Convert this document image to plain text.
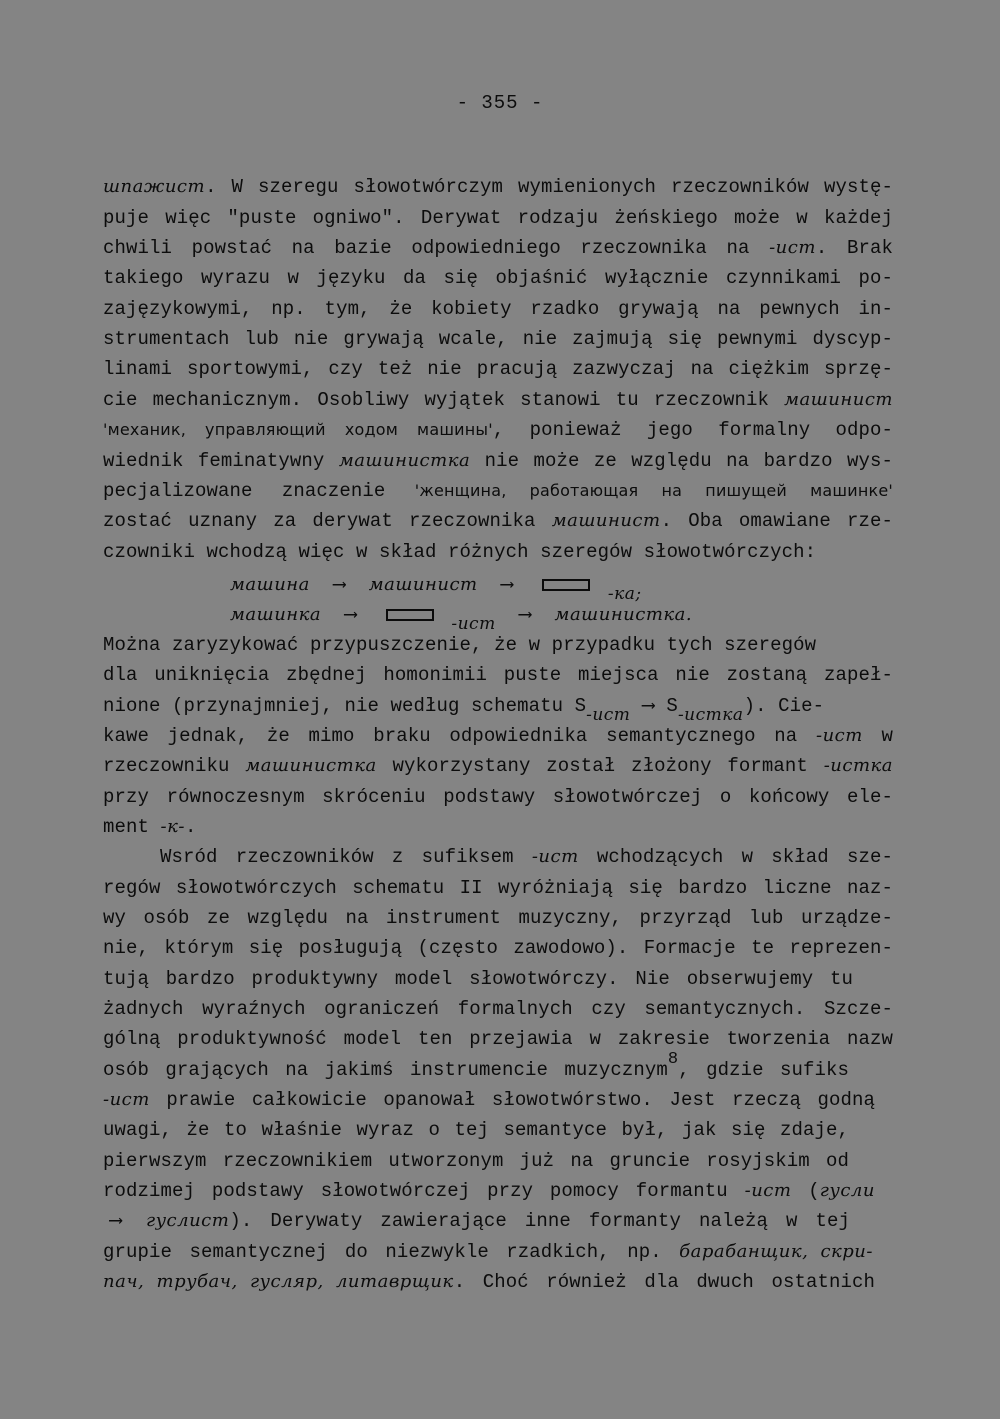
- 355 -
шпажист. W szeregu słowotwórczym wymienionych rzeczowników wystę-
puje więc "puste ogniwo". Derywat rodzaju żeńskiego może w każdej
chwili powstać na bazie odpowiedniego rzeczownika na -ист. Brak
takiego wyrazu w języku da się objaśnić wyłącznie czynnikami po-
zajęzykowymi, np. tym, że kobiety rzadko grywają na pewnych in-
strumentach lub nie grywają wcale, nie zajmują się pewnymi dyscyp-
linami sportowymi, czy też nie pracują zazwyczaj na ciężkim sprzę-
cie mechanicznym. Osobliwy wyjątek stanowi tu rzeczownik машинист
'механик, управляющий ходом машины', ponieważ jego formalny odpo-
wiednik feminatywny машинистка nie może ze względu na bardzo wys-
pecjalizowane znaczenie 'женщина, работающая на пишущей машинке'
zostać uznany za derywat rzeczownika машинист. Oba omawiane rze-
czowniki wchodzą więc w skład różnych szeregów słowotwórczych:
машина ⟶ машинист ⟶	-ка;
машинка ⟶	-ист ⟶ машинистка.
Można zaryzykować przypuszczenie, że w przypadku tych szeregów
dla uniknięcia zbędnej homonimii puste miejsca nie zostaną zapeł-
nione (przynajmniej, nie według schematu S-ист ⟶ S-истка). Cie-
kawe jednak, że mimo braku odpowiednika semantycznego na -ист w
rzeczowniku машинистка wykorzystany został złożony formant -истка
przy równoczesnym skróceniu podstawy słowotwórczej o końcowy ele-
ment -к-.
Wsród rzeczowników z sufiksem -ист wchodzących w skład sze-
regów słowotwórczych schematu II wyróżniają się bardzo liczne naz-
wy osób ze względu na instrument muzyczny, przyrząd lub urządze-
nie, którym się posługują (często zawodowo). Formacje te reprezen-
tują bardzo produktywny model słowotwórczy. Nie obserwujemy tu
żadnych wyraźnych ograniczeń formalnych czy semantycznych. Szcze-
gólną produktywność model ten przejawia w zakresie tworzenia nazw
osób grających na jakimś instrumencie muzycznym8, gdzie sufiks
-ист prawie całkowicie opanował słowotwórstwo. Jest rzeczą godną
uwagi, że to właśnie wyraz o tej semantyce był, jak się zdaje,
pierwszym rzeczownikiem utworzonym już na gruncie rosyjskim od
rodzimej podstawy słowotwórczej przy pomocy formantu -ист (гусли
⟶ гуслист). Derywaty zawierające inne formanty należą w tej
grupie semantycznej do niezwykle rzadkich, np. барабанщик, скри-
пач, трубач, гусляр, литаврщик. Choć również dla dwuch ostatnich
